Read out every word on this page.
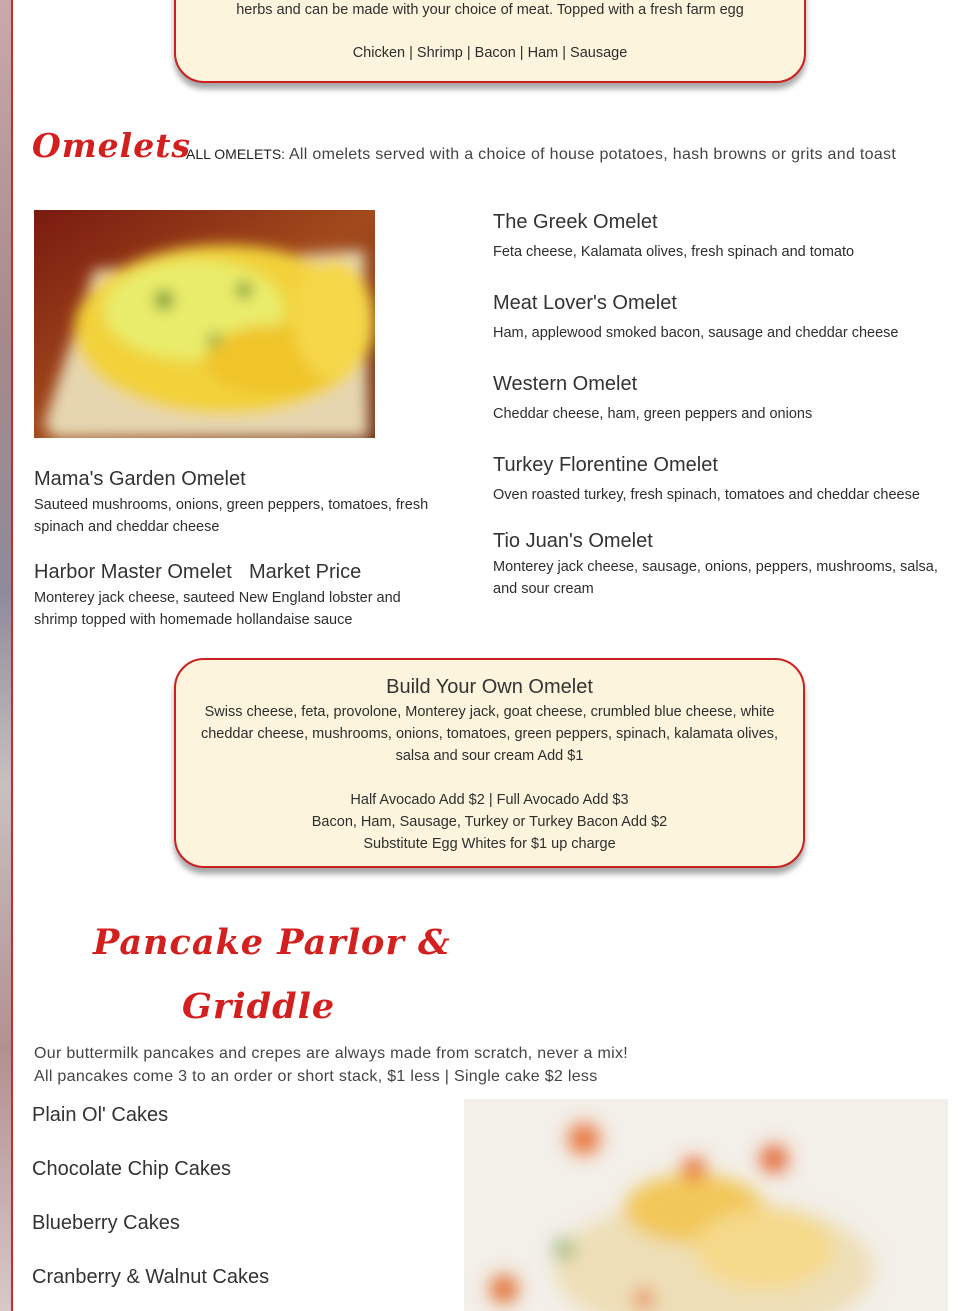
herbs and can be made with your choice of meat. Topped with a fresh farm egg
Chicken | Shrimp | Bacon | Ham | Sausage
Omelets
ALL OMELETS: All omelets served with a choice of house potatoes, hash browns or grits and toast
The Greek Omelet
Feta cheese, Kalamata olives, fresh spinach and tomato
Meat Lover's Omelet
Ham, applewood smoked bacon, sausage and cheddar cheese
Western Omelet
Cheddar cheese, ham, green peppers and onions
Turkey Florentine Omelet
Oven roasted turkey, fresh spinach, tomatoes and cheddar cheese
Tio Juan's Omelet
Monterey jack cheese, sausage, onions, peppers, mushrooms, salsa,
and sour cream
Mama's Garden Omelet
Sauteed mushrooms, onions, green peppers, tomatoes, fresh
spinach and cheddar cheese
Harbor Master Omelet Market Price
Monterey jack cheese, sauteed New England lobster and
shrimp topped with homemade hollandaise sauce
Build Your Own Omelet
Swiss cheese, feta, provolone, Monterey jack, goat cheese, crumbled blue cheese, white
cheddar cheese, mushrooms, onions, tomatoes, green peppers, spinach, kalamata olives,
salsa and sour cream Add $1
Half Avocado Add $2 | Full Avocado Add $3
Bacon, Ham, Sausage, Turkey or Turkey Bacon Add $2
Substitute Egg Whites for $1 up charge
Pancake Parlor &
Griddle
Our buttermilk pancakes and crepes are always made from scratch, never a mix!
All pancakes come 3 to an order or short stack, $1 less | Single cake $2 less
Plain Ol' Cakes
Chocolate Chip Cakes
Blueberry Cakes
Cranberry & Walnut Cakes
